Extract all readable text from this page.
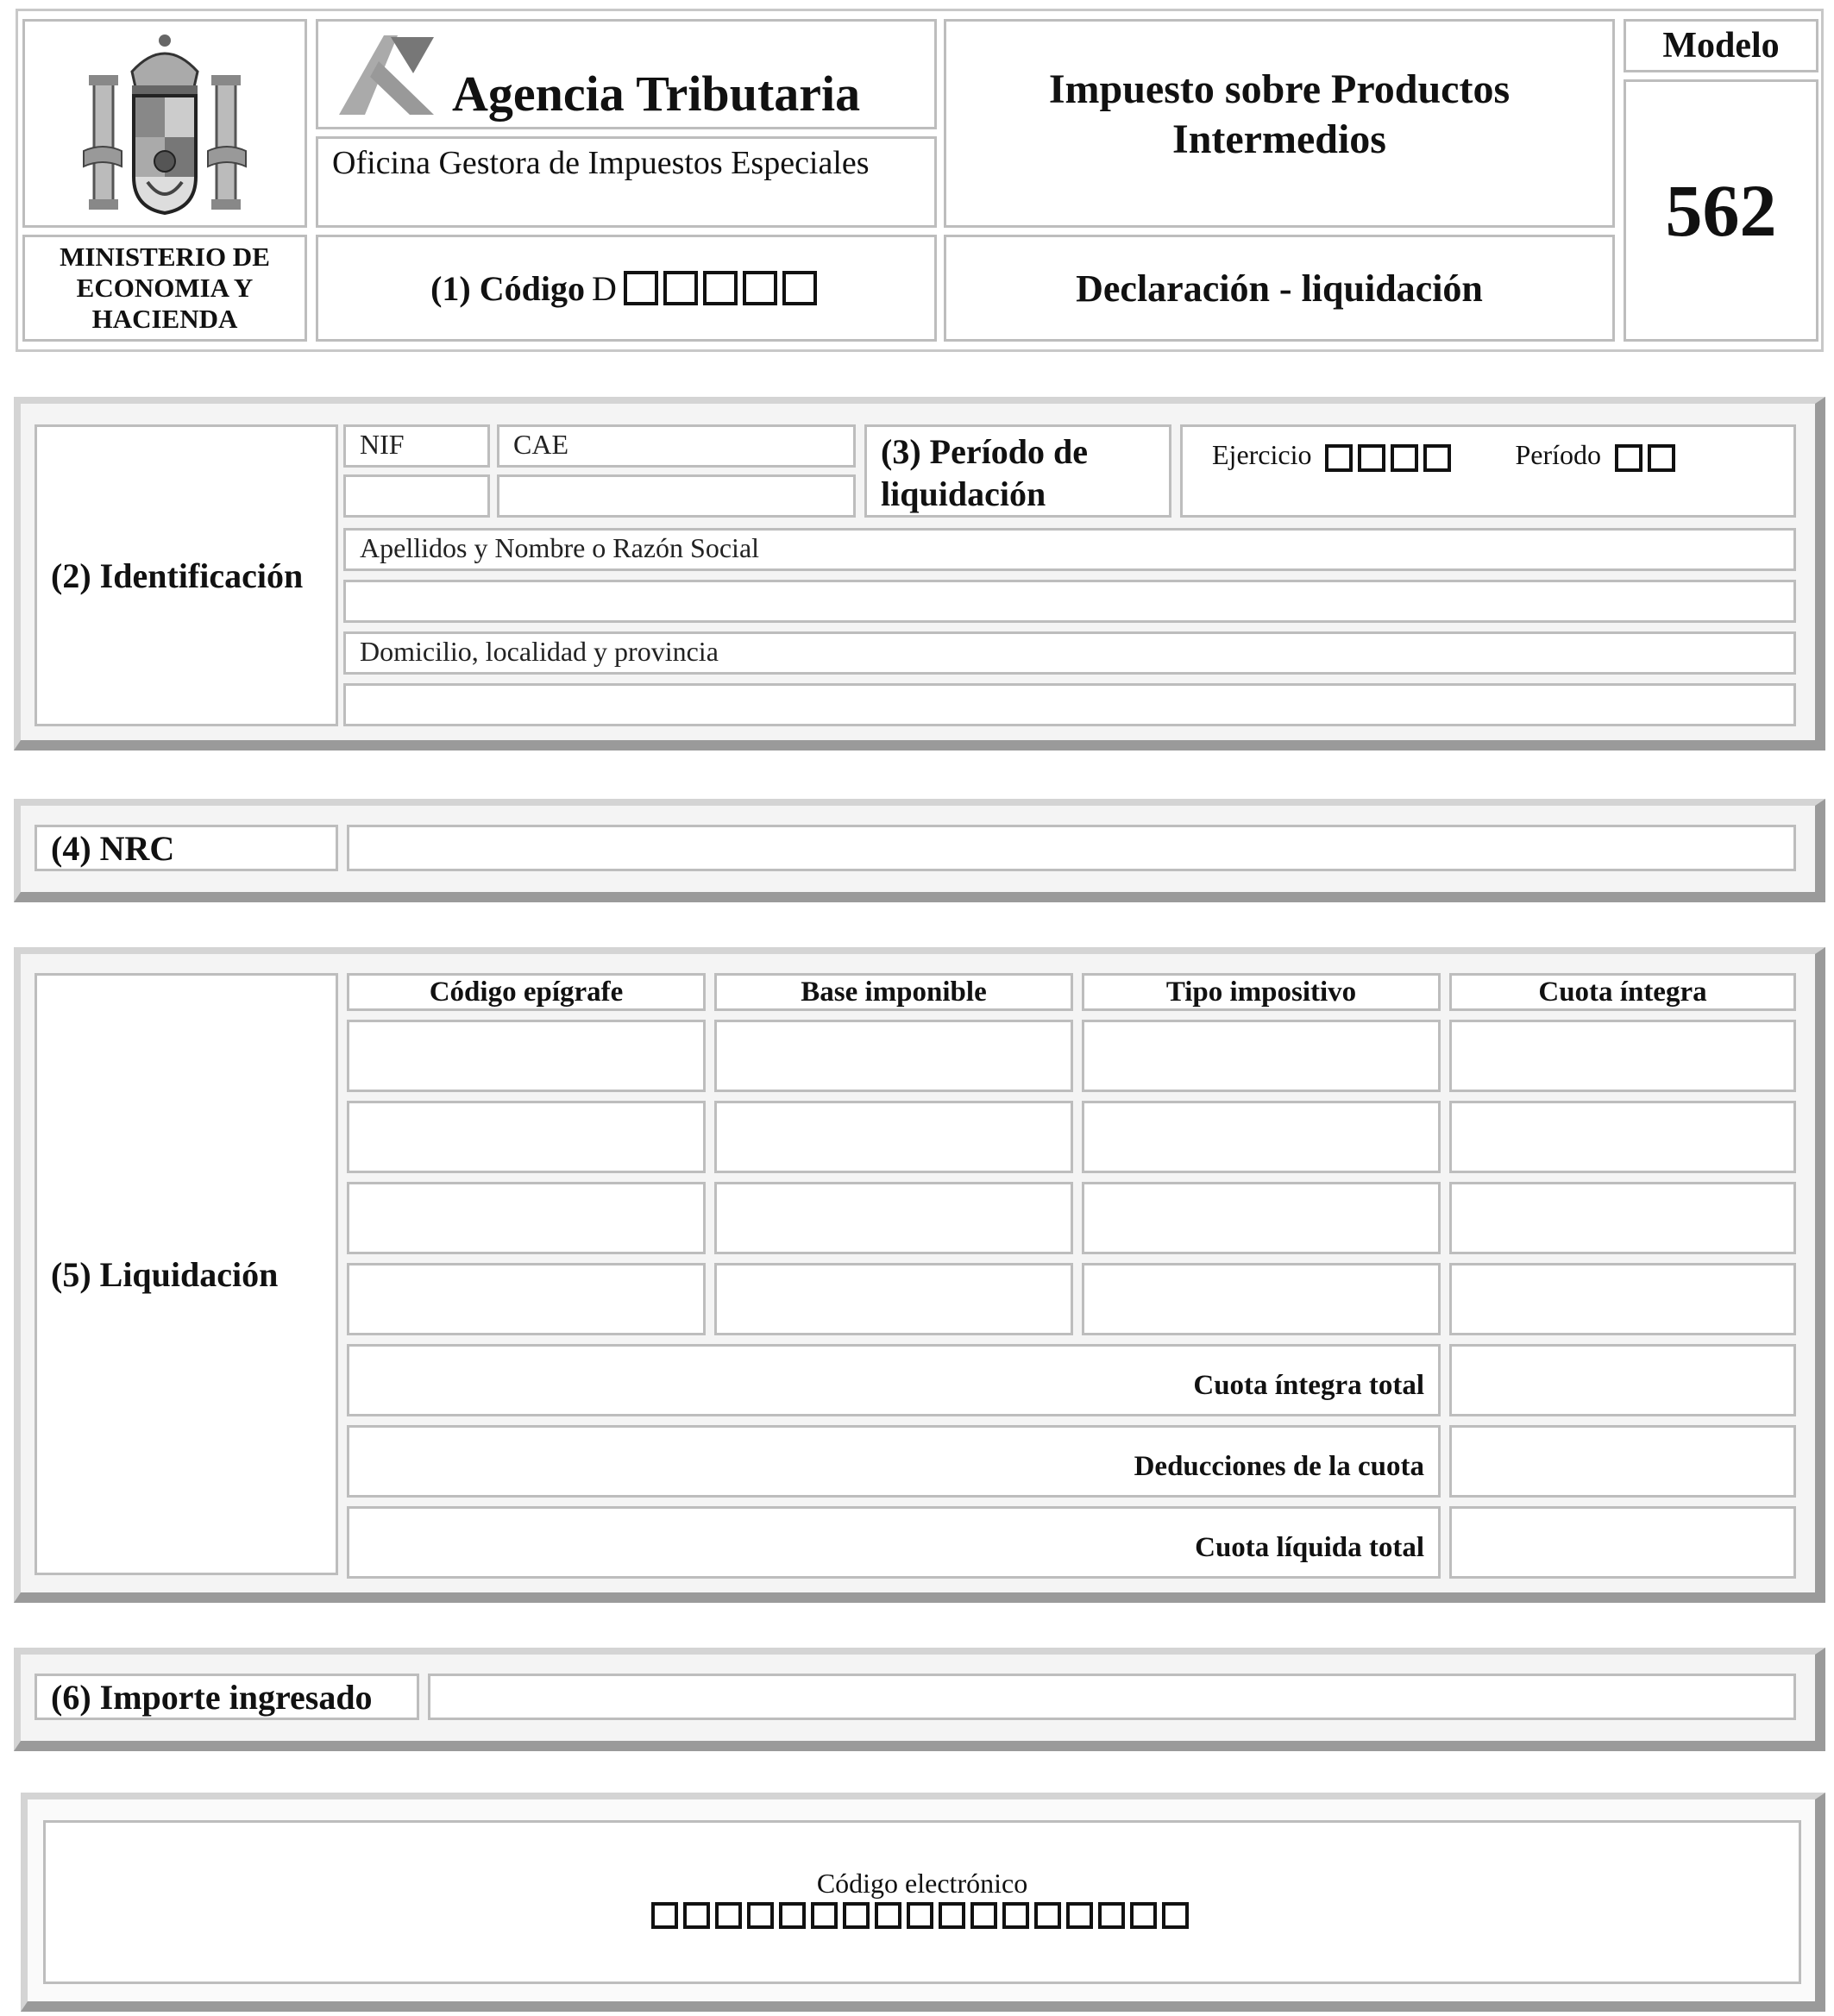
MINISTERIO DE ECONOMIA Y HACIENDA
Agencia Tributaria
Oficina Gestora de Impuestos Especiales
(1) Código D
Impuesto sobre Productos Intermedios
Declaración - liquidación
Modelo
562
(2) Identificación
NIF	CAE	(3) Período de liquidación
Ejercicio	Período
Apellidos y Nombre o Razón Social
Domicilio, localidad y provincia
(4) NRC
(5) Liquidación
Código epígrafe	Base imponible	Tipo impositivo	Cuota íntegra
Cuota íntegra total
Deducciones de la cuota
Cuota líquida total
(6) Importe ingresado
Código electrónico
